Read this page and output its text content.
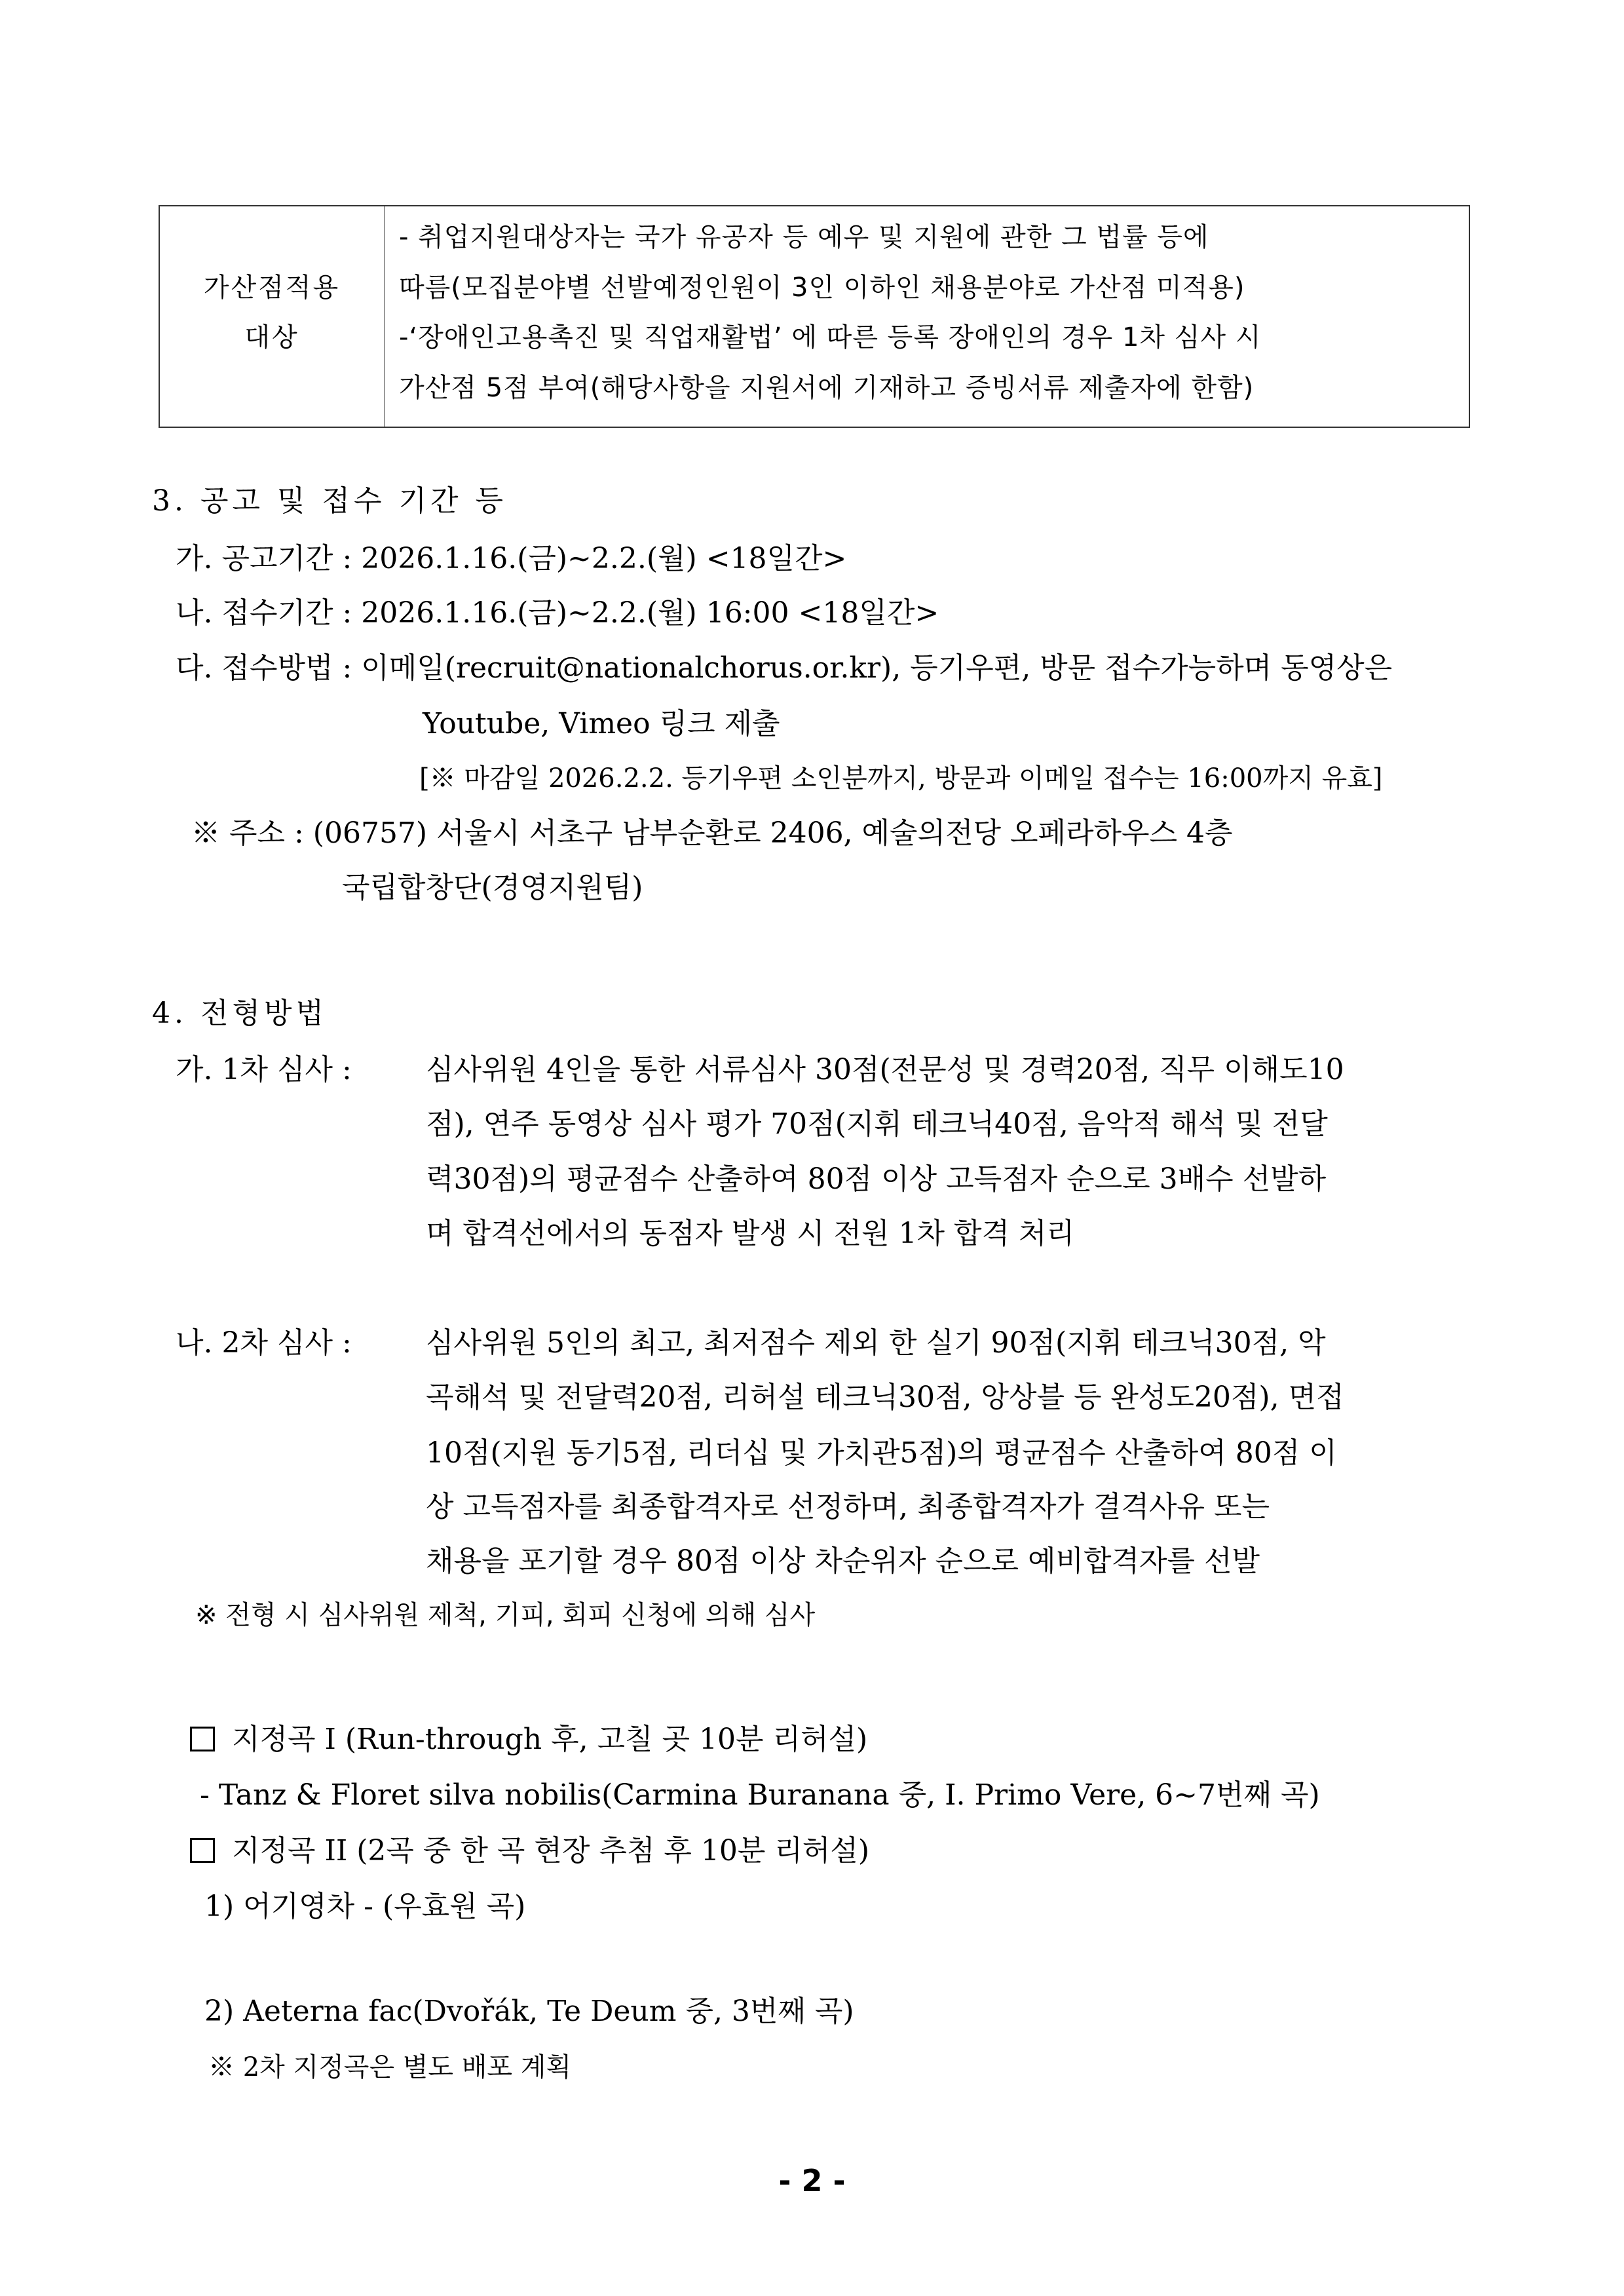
가산점적용
대상
- 취업지원대상자는 국가 유공자 등 예우 및 지원에 관한 그 법률 등에
따름(모집분야별 선발예정인원이 3인 이하인 채용분야로 가산점 미적용)
-‘장애인고용촉진 및 직업재활법’ 에 따른 등록 장애인의 경우 1차 심사 시
가산점 5점 부여(해당사항을 지원서에 기재하고 증빙서류 제출자에 한함)
3. 공고 및 접수 기간 등
가. 공고기간 : 2026.1.16.(금)~2.2.(월) <18일간>
나. 접수기간 : 2026.1.16.(금)~2.2.(월) 16:00 <18일간>
다. 접수방법 : 이메일(recruit@nationalchorus.or.kr), 등기우편, 방문 접수가능하며 동영상은
Youtube, Vimeo 링크 제출
[※ 마감일 2026.2.2. 등기우편 소인분까지, 방문과 이메일 접수는 16:00까지 유효]
※ 주소 : (06757) 서울시 서초구 남부순환로 2406, 예술의전당 오페라하우스 4층
국립합창단(경영지원팀)
4. 전형방법
가. 1차 심사 :	심사위원 4인을 통한 서류심사 30점(전문성 및 경력20점, 직무 이해도10
점), 연주 동영상 심사 평가 70점(지휘 테크닉40점, 음악적 해석 및 전달
력30점)의 평균점수 산출하여 80점 이상 고득점자 순으로 3배수 선발하
며 합격선에서의 동점자 발생 시 전원 1차 합격 처리
나. 2차 심사 :	심사위원 5인의 최고, 최저점수 제외 한 실기 90점(지휘 테크닉30점, 악
곡해석 및 전달력20점, 리허설 테크닉30점, 앙상블 등 완성도20점), 면접
10점(지원 동기5점, 리더십 및 가치관5점)의 평균점수 산출하여 80점 이
상 고득점자를 최종합격자로 선정하며, 최종합격자가 결격사유 또는
채용을 포기할 경우 80점 이상 차순위자 순으로 예비합격자를 선발
※ 전형 시 심사위원 제척, 기피, 회피 신청에 의해 심사
지정곡 I (Run-through 후, 고칠 곳 10분 리허설)
- Tanz & Floret silva nobilis(Carmina Buranana 중, I. Primo Vere, 6~7번째 곡)
지정곡 II (2곡 중 한 곡 현장 추첨 후 10분 리허설)
1) 어기영차 - (우효원 곡)
2) Aeterna fac(Dvořák, Te Deum 중, 3번째 곡)
※ 2차 지정곡은 별도 배포 계획
- 2 -
